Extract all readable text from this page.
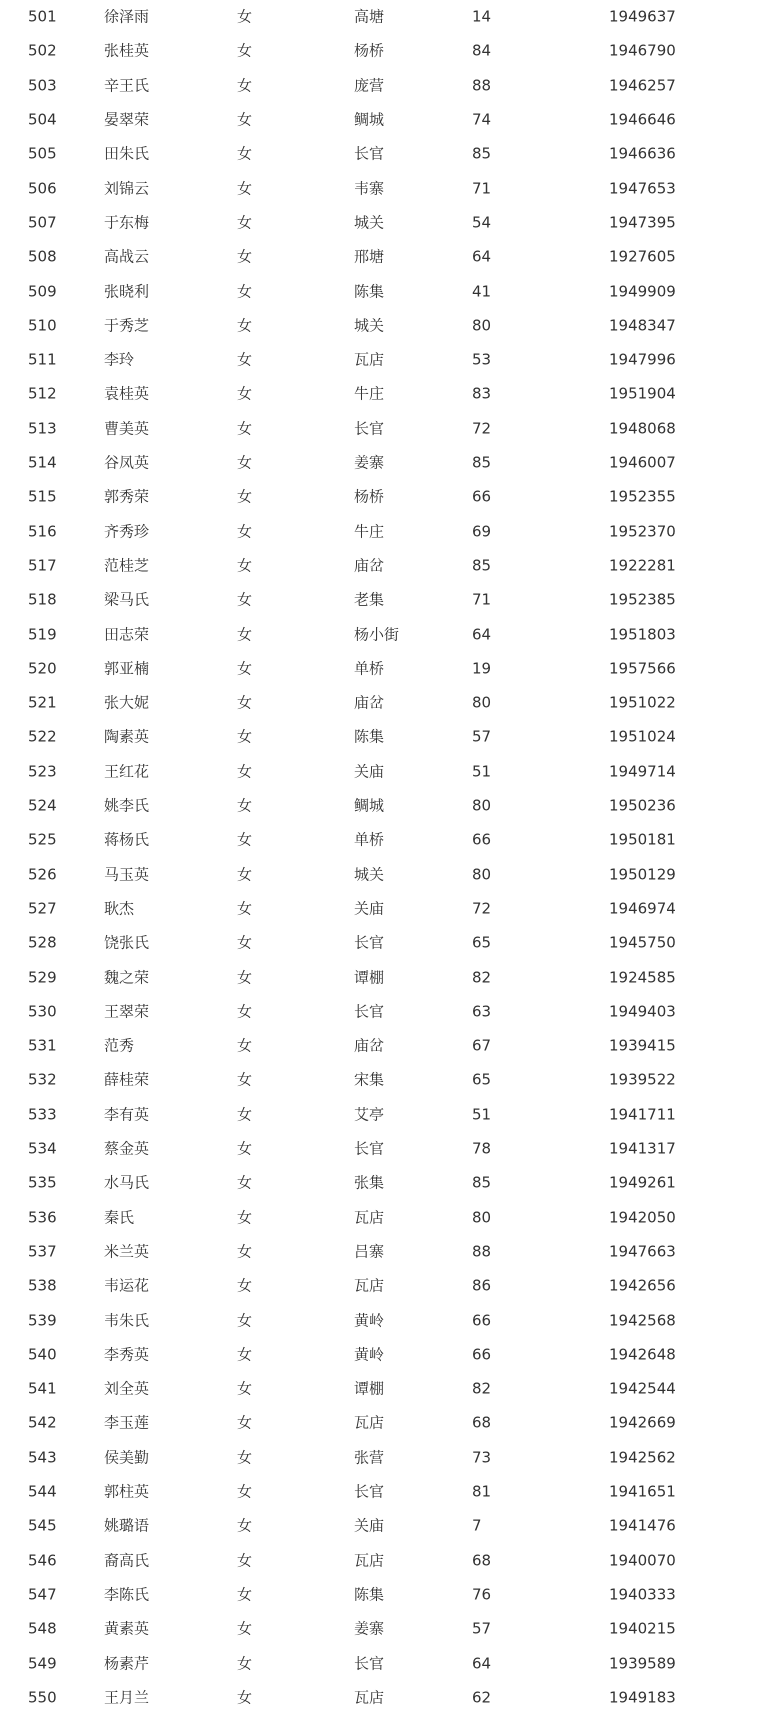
501	徐泽雨	女	高塘	14	1949637
502	张桂英	女	杨桥	84	1946790
503	辛王氏	女	庞营	88	1946257
504	晏翠荣	女	鲷城	74	1946646
505	田朱氏	女	长官	85	1946636
506	刘锦云	女	韦寨	71	1947653
507	于东梅	女	城关	54	1947395
508	高战云	女	邢塘	64	1927605
509	张晓利	女	陈集	41	1949909
510	于秀芝	女	城关	80	1948347
511	李玲	女	瓦店	53	1947996
512	袁桂英	女	牛庄	83	1951904
513	曹美英	女	长官	72	1948068
514	谷凤英	女	姜寨	85	1946007
515	郭秀荣	女	杨桥	66	1952355
516	齐秀珍	女	牛庄	69	1952370
517	范桂芝	女	庙岔	85	1922281
518	梁马氏	女	老集	71	1952385
519	田志荣	女	杨小街	64	1951803
520	郭亚楠	女	单桥	19	1957566
521	张大妮	女	庙岔	80	1951022
522	陶素英	女	陈集	57	1951024
523	王红花	女	关庙	51	1949714
524	姚李氏	女	鲷城	80	1950236
525	蒋杨氏	女	单桥	66	1950181
526	马玉英	女	城关	80	1950129
527	耿杰	女	关庙	72	1946974
528	饶张氏	女	长官	65	1945750
529	魏之荣	女	谭棚	82	1924585
530	王翠荣	女	长官	63	1949403
531	范秀	女	庙岔	67	1939415
532	薛桂荣	女	宋集	65	1939522
533	李有英	女	艾亭	51	1941711
534	蔡金英	女	长官	78	1941317
535	水马氏	女	张集	85	1949261
536	秦氏	女	瓦店	80	1942050
537	米兰英	女	吕寨	88	1947663
538	韦运花	女	瓦店	86	1942656
539	韦朱氏	女	黄岭	66	1942568
540	李秀英	女	黄岭	66	1942648
541	刘全英	女	谭棚	82	1942544
542	李玉莲	女	瓦店	68	1942669
543	侯美勤	女	张营	73	1942562
544	郭柱英	女	长官	81	1941651
545	姚璐语	女	关庙	7	1941476
546	裔高氏	女	瓦店	68	1940070
547	李陈氏	女	陈集	76	1940333
548	黄素英	女	姜寨	57	1940215
549	杨素芹	女	长官	64	1939589
550	王月兰	女	瓦店	62	1949183
